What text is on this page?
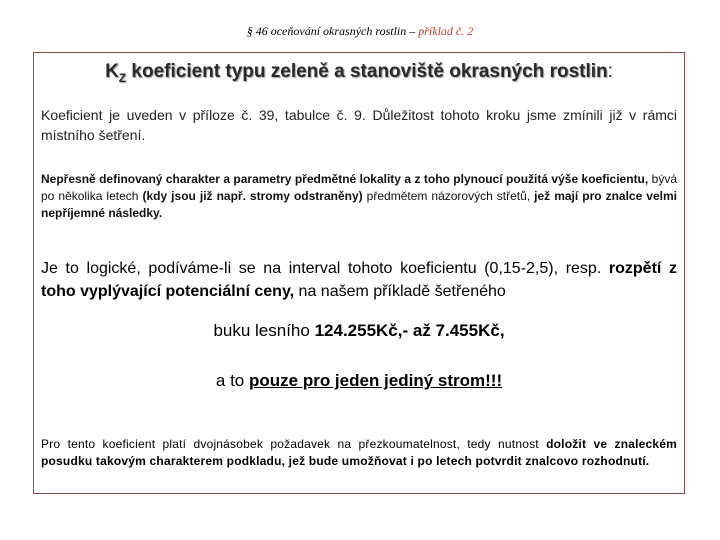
§ 46 oceňování okrasných rostlin – příklad č. 2
$K_Z$ koeficient typu zeleně a stanoviště okrasných rostlin:
Koeficient je uveden v příloze č. 39, tabulce č. 9. Důležitost tohoto kroku jsme zmínili již v rámci místního šetření.
Nepřesně definovaný charakter a parametry předmětné lokality a z toho plynoucí použitá výše koeficientu, bývá po několika letech (kdy jsou již např. stromy odstraněny) předmětem názorových střetů, jež mají pro znalce velmi nepříjemné následky.
Je to logické, podíváme-li se na interval tohoto koeficientu (0,15-2,5), resp. rozpětí z toho vyplývající potenciální ceny, na našem příkladě šetřeného
buku lesního 124.255Kč,- až 7.455Kč,
a to pouze pro jeden jediný strom!!!
Pro tento koeficient platí dvojnásobek požadavek na přezkoumatelnost, tedy nutnost doložit ve znaleckém posudku takovým charakterem podkladu, jež bude umožňovat i po letech potvrdit znalcovo rozhodnutí.
